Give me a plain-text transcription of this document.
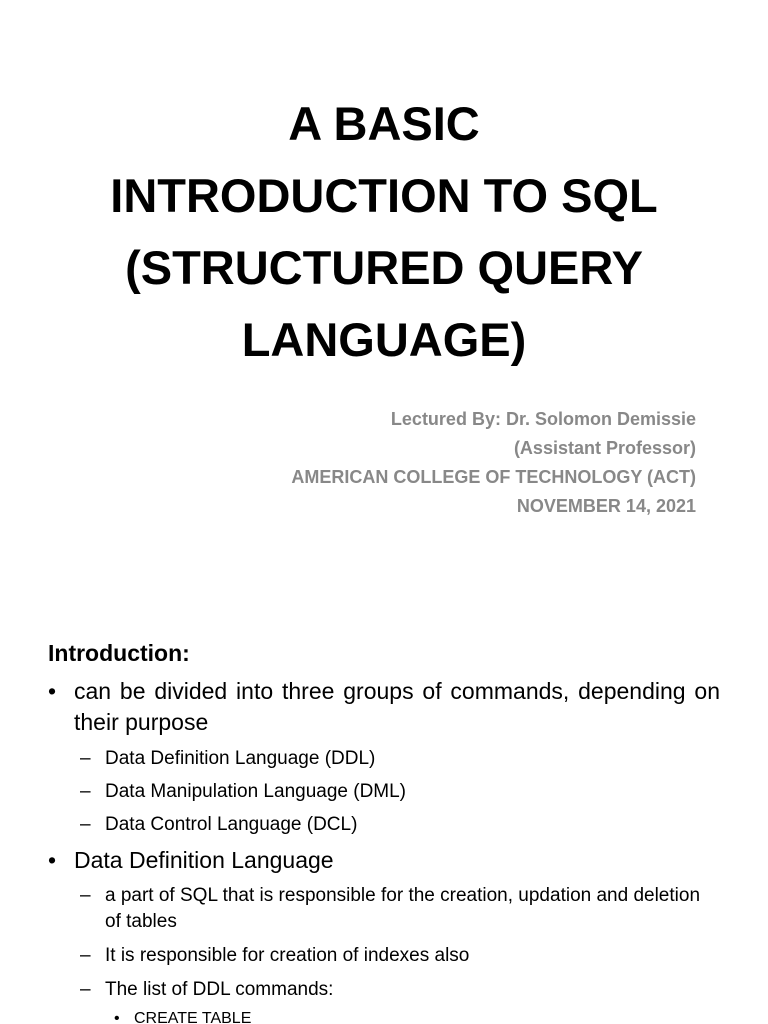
A BASIC
INTRODUCTION TO SQL
(STRUCTURED QUERY
LANGUAGE)
Lectured By: Dr. Solomon Demissie
(Assistant Professor)
AMERICAN COLLEGE OF TECHNOLOGY (ACT)
NOVEMBER 14, 2021
Introduction:
• can be divided into three groups of commands, depending on their purpose
– Data Definition Language (DDL)
– Data Manipulation Language (DML)
– Data Control Language (DCL)
• Data Definition Language
– a part of SQL that is responsible for the creation, updation and deletion of tables
– It is responsible for creation of indexes also
– The list of DDL commands:
• CREATE TABLE
